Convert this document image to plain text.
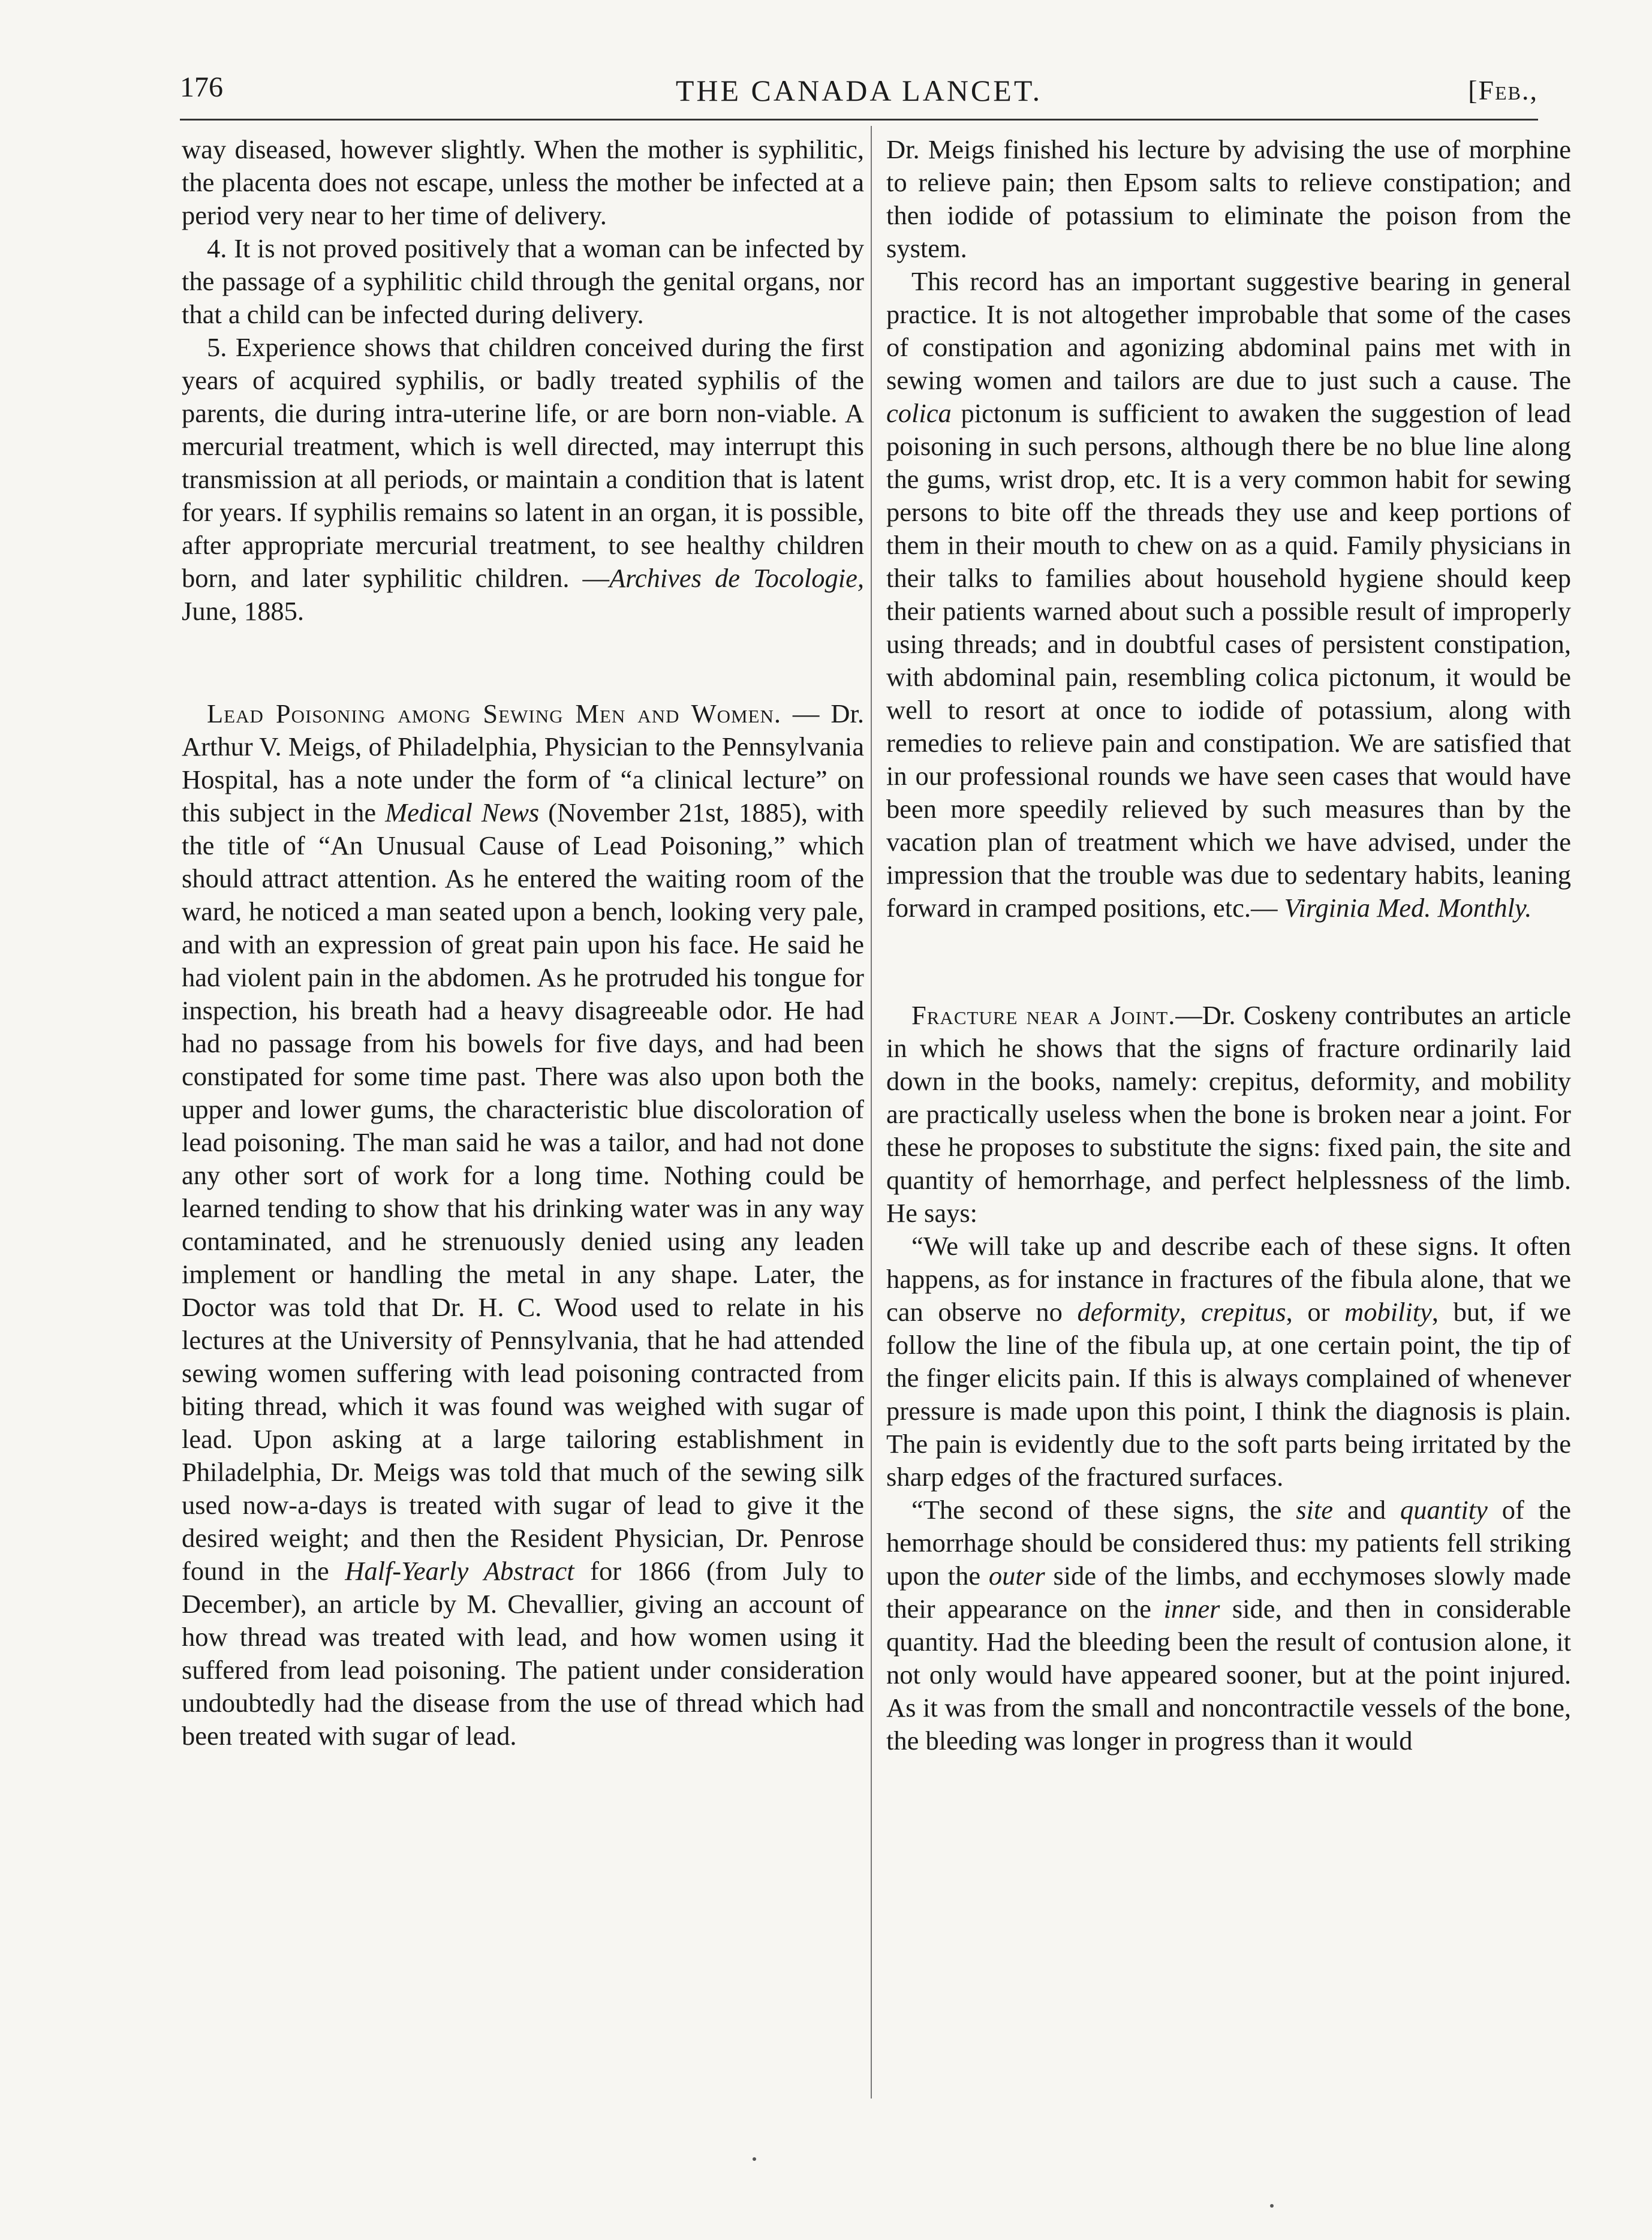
176	THE CANADA LANCET.	[Feb.,

way diseased, however slightly. When the mother is syphilitic, the placenta does not escape, unless the mother be infected at a period very near to her time of delivery.

4. It is not proved positively that a woman can be infected by the passage of a syphilitic child through the genital organs, nor that a child can be infected during delivery.

5. Experience shows that children conceived during the first years of acquired syphilis, or badly treated syphilis of the parents, die during intra-uterine life, or are born non-viable. A mercurial treatment, which is well directed, may interrupt this transmission at all periods, or maintain a condition that is latent for years. If syphilis remains so latent in an organ, it is possible, after appropriate mercurial treatment, to see healthy children born, and later syphilitic children. —Archives de Tocologie, June, 1885.

Lead Poisoning among Sewing Men and Women. — Dr. Arthur V. Meigs, of Philadelphia, Physician to the Pennsylvania Hospital, has a note under the form of “a clinical lecture” on this subject in the Medical News (November 21st, 1885), with the title of “An Unusual Cause of Lead Poisoning,” which should attract attention. As he entered the waiting room of the ward, he noticed a man seated upon a bench, looking very pale, and with an expression of great pain upon his face. He said he had violent pain in the abdomen. As he protruded his tongue for inspection, his breath had a heavy disagreeable odor. He had had no passage from his bowels for five days, and had been constipated for some time past. There was also upon both the upper and lower gums, the characteristic blue discoloration of lead poisoning. The man said he was a tailor, and had not done any other sort of work for a long time. Nothing could be learned tending to show that his drinking water was in any way contaminated, and he strenuously denied using any leaden implement or handling the metal in any shape. Later, the Doctor was told that Dr. H. C. Wood used to relate in his lectures at the University of Pennsylvania, that he had attended sewing women suffering with lead poisoning contracted from biting thread, which it was found was weighed with sugar of lead. Upon asking at a large tailoring establishment in Philadelphia, Dr. Meigs was told that much of the sewing silk used now-a-days is treated with sugar of lead to give it the desired weight; and then the Resident Physician, Dr. Penrose found in the Half-Yearly Abstract for 1866 (from July to December), an article by M. Chevallier, giving an account of how thread was treated with lead, and how women using it suffered from lead poisoning. The patient under consideration undoubtedly had the disease from the use of thread which had been treated with sugar of lead.

Dr. Meigs finished his lecture by advising the use of morphine to relieve pain; then Epsom salts to relieve constipation; and then iodide of potassium to eliminate the poison from the system.

This record has an important suggestive bearing in general practice. It is not altogether improbable that some of the cases of constipation and agonizing abdominal pains met with in sewing women and tailors are due to just such a cause. The colica pictonum is sufficient to awaken the suggestion of lead poisoning in such persons, although there be no blue line along the gums, wrist drop, etc. It is a very common habit for sewing persons to bite off the threads they use and keep portions of them in their mouth to chew on as a quid. Family physicians in their talks to families about household hygiene should keep their patients warned about such a possible result of improperly using threads; and in doubtful cases of persistent constipation, with abdominal pain, resembling colica pictonum, it would be well to resort at once to iodide of potassium, along with remedies to relieve pain and constipation. We are satisfied that in our professional rounds we have seen cases that would have been more speedily relieved by such measures than by the vacation plan of treatment which we have advised, under the impression that the trouble was due to sedentary habits, leaning forward in cramped positions, etc.— Virginia Med. Monthly.

Fracture near a Joint.—Dr. Coskeny contributes an article in which he shows that the signs of fracture ordinarily laid down in the books, namely: crepitus, deformity, and mobility are practically useless when the bone is broken near a joint. For these he proposes to substitute the signs: fixed pain, the site and quantity of hemorrhage, and perfect helplessness of the limb. He says:

“We will take up and describe each of these signs. It often happens, as for instance in fractures of the fibula alone, that we can observe no deformity, crepitus, or mobility, but, if we follow the line of the fibula up, at one certain point, the tip of the finger elicits pain. If this is always complained of whenever pressure is made upon this point, I think the diagnosis is plain. The pain is evidently due to the soft parts being irritated by the sharp edges of the fractured surfaces.

“The second of these signs, the site and quantity of the hemorrhage should be considered thus: my patients fell striking upon the outer side of the limbs, and ecchymoses slowly made their appearance on the inner side, and then in considerable quantity. Had the bleeding been the result of contusion alone, it not only would have appeared sooner, but at the point injured. As it was from the small and noncontractile vessels of the bone, the bleeding was longer in progress than it would
